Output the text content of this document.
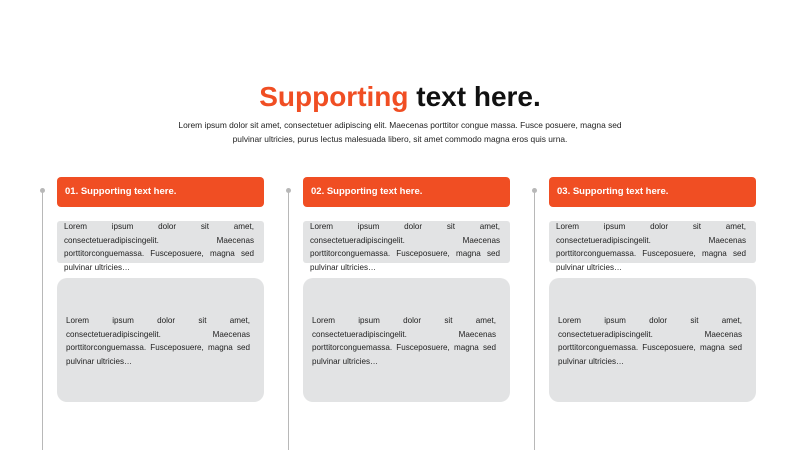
Supporting text here.

Lorem ipsum dolor sit amet, consectetuer adipiscing elit. Maecenas porttitor congue massa. Fusce posuere, magna sed pulvinar ultricies, purus lectus malesuada libero, sit amet commodo magna eros quis urna.

01. Supporting text here.
Lorem ipsum dolor sit amet, consectetueradipiscingelit. Maecenas porttitorconguemassa. Fusceposuere, magna sed pulvinar ultricies…
Lorem ipsum dolor sit amet, consectetueradipiscingelit. Maecenas porttitorconguemassa. Fusceposuere, magna sed pulvinar ultricies…
02. Supporting text here.
Lorem ipsum dolor sit amet, consectetueradipiscingelit. Maecenas porttitorconguemassa. Fusceposuere, magna sed pulvinar ultricies…
Lorem ipsum dolor sit amet, consectetueradipiscingelit. Maecenas porttitorconguemassa. Fusceposuere, magna sed pulvinar ultricies…
03. Supporting text here.
Lorem ipsum dolor sit amet, consectetueradipiscingelit. Maecenas porttitorconguemassa. Fusceposuere, magna sed pulvinar ultricies…
Lorem ipsum dolor sit amet, consectetueradipiscingelit. Maecenas porttitorconguemassa. Fusceposuere, magna sed pulvinar ultricies…
